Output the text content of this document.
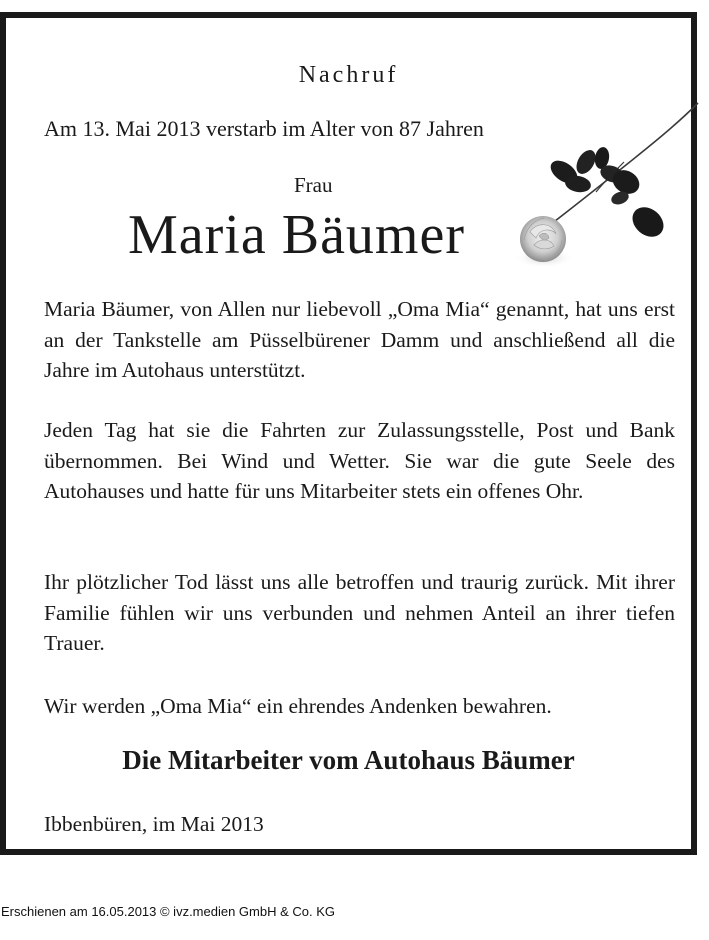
Nachruf
Am 13. Mai 2013 verstarb im Alter von 87 Jahren
Frau
Maria Bäumer

Maria Bäumer, von Allen nur liebevoll „Oma Mia“ genannt, hat uns erst an der Tankstelle am Püsselbürener Damm und anschließend all die Jahre im Autohaus unterstützt.

Jeden Tag hat sie die Fahrten zur Zulassungsstelle, Post und Bank übernommen. Bei Wind und Wetter. Sie war die gute Seele des Autohauses und hatte für uns Mitarbeiter stets ein offenes Ohr.

Ihr plötzlicher Tod lässt uns alle betroffen und traurig zurück. Mit ihrer Familie fühlen wir uns verbunden und nehmen Anteil an ihrer tiefen Trauer.

Wir werden „Oma Mia“ ein ehrendes Andenken bewahren.

Die Mitarbeiter vom Autohaus Bäumer
Ibbenbüren, im Mai 2013
Erschienen am 16.05.2013 © ivz.medien GmbH & Co. KG
